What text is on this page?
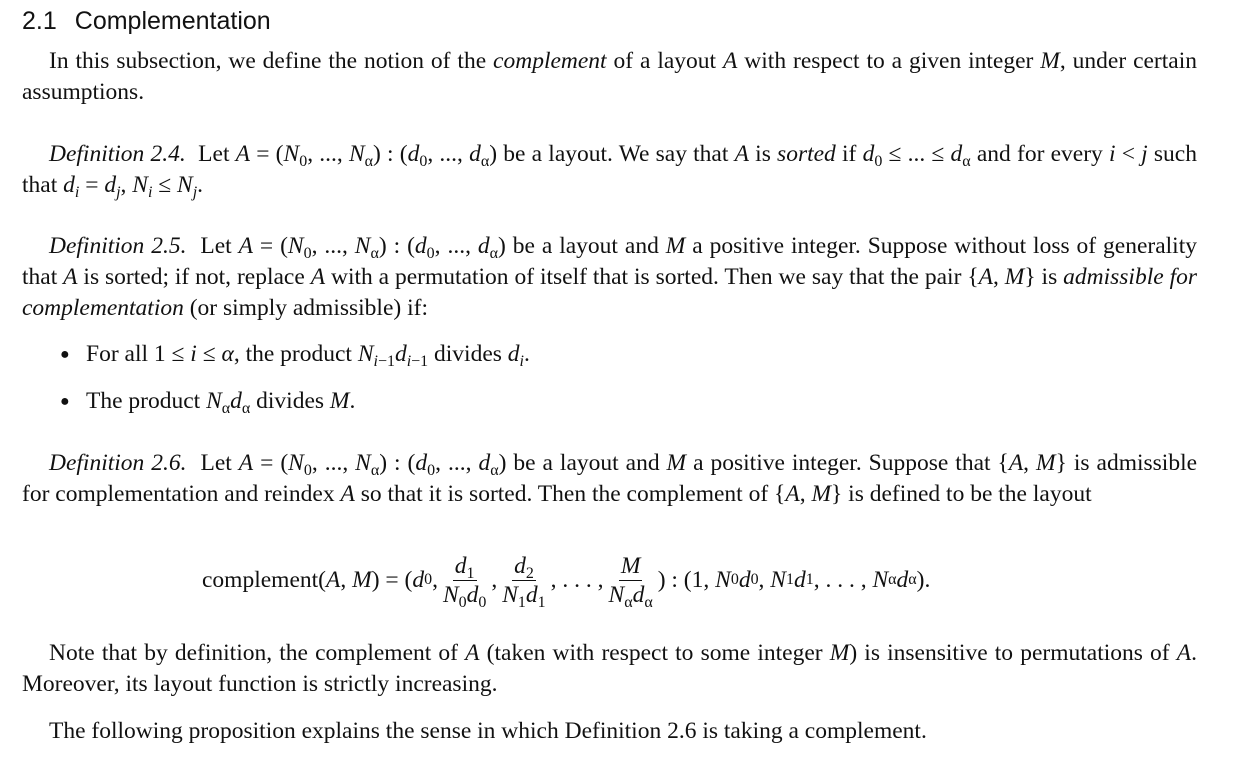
2.1 Complementation

In this subsection, we define the notion of the complement of a layout A with respect to a given integer M, under certain assumptions.

Definition 2.4. Let $A = (N_0$, ..., $N_\alpha$) : ($d_0$, ..., $d_\alpha$) be a layout. We say that A is sorted if $d_0$ ≤ ... ≤ $d_\alpha$ and for every i < j such that $d_i = d_j$, $N_i \le N_j$.

Definition 2.5. Let $A = (N_0$, ..., $N_\alpha$) : ($d_0$, ..., $d_\alpha$) be a layout and M a positive integer. Suppose without loss of generality that A is sorted; if not, replace A with a permutation of itself that is sorted. Then we say that the pair {A, M} is admissible for complementation (or simply admissible) if:

● For all 1 ≤ i ≤ α, the product $N_{i-1}d_{i-1}$ divides $d_i$.
● The product $N_\alpha d_\alpha$ divides M.

Definition 2.6. Let $A = (N_0$, ..., $N_\alpha$) : ($d_0$, ..., $d_\alpha$) be a layout and M a positive integer. Suppose that {A, M} is admissible for complementation and reindex A so that it is sorted. Then the complement of {A, M} is defined to be the layout

complement ( A , M ) = ( d 0 , $\frac{d_1}{N_0d_0}$ , $\frac{d_2}{N_1d_1}$ , . . . , $\frac{M}{N_\alpha d_\alpha}$ ) : (1, N 0 d 0 , N 1 d 1 , . . . , N α d α ).

Note that by definition, the complement of A (taken with respect to some integer M) is insensitive to permutations of A. Moreover, its layout function is strictly increasing.

The following proposition explains the sense in which Definition 2.6 is taking a complement.
